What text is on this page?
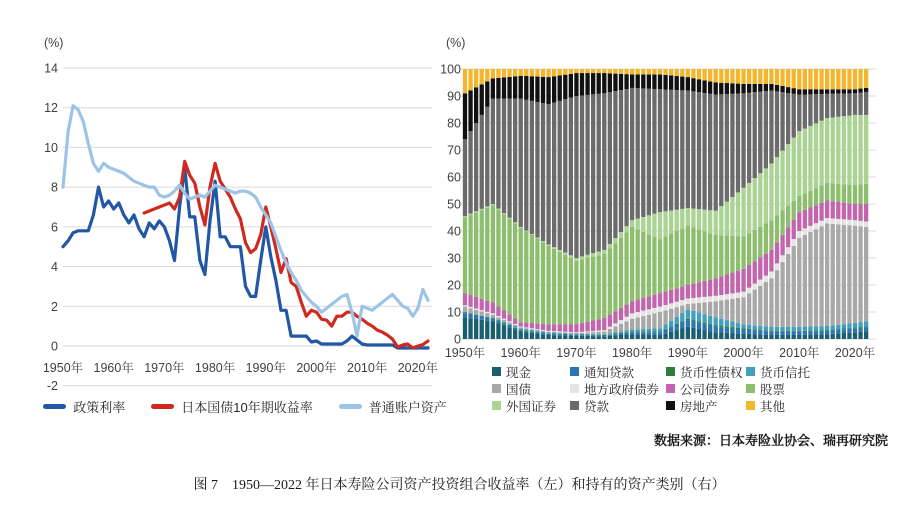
(%)	(%)
14
12
10
8
6
4
2
0
-2
1950年 1960年 1970年 1980年 1990年 2000年 2010年 2020年
100
90
80
70
60
50
40
30
20
10
0
1950年 1960年 1970年 1980年 1990年 2000年 2010年 2020年
政策利率	日本国债10年期收益率	普通账户资产
现金	通知贷款	货币性债权 货币信托
国债	地方政府债券 公司债券 股票
外国证券 贷款	房地产	其他
数据来源：日本寿险业协会、瑞再研究院
图 7　1950—2022 年日本寿险公司资产投资组合收益率（左）和持有的资产类别（右）
